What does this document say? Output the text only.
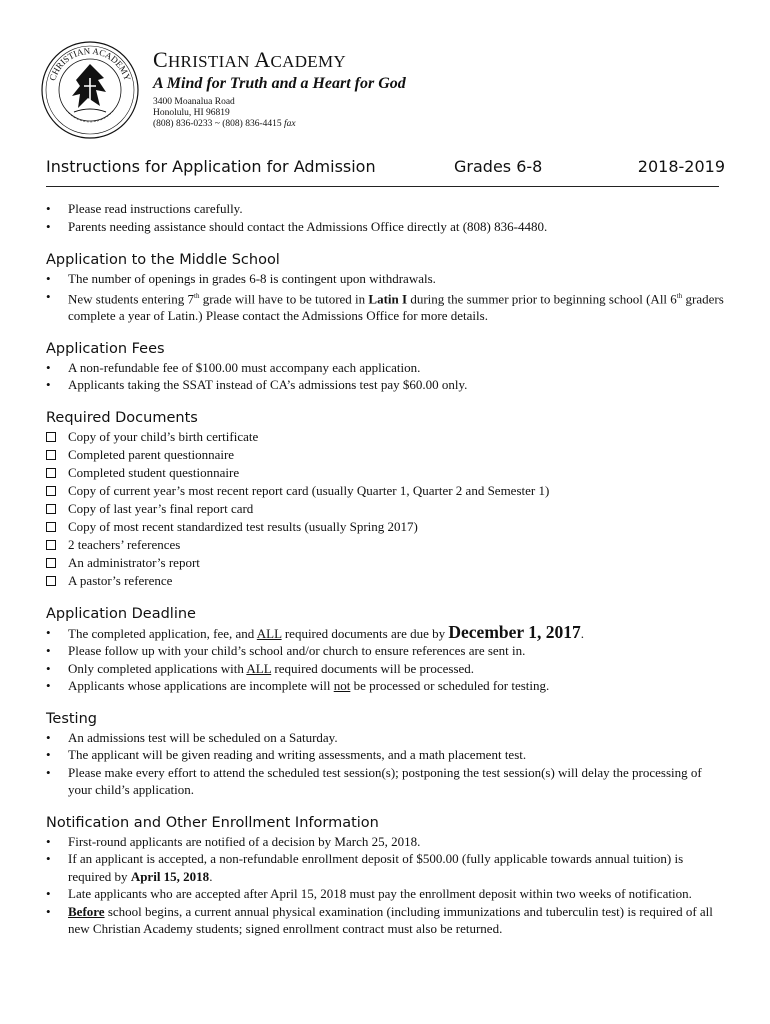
CHRISTIAN ACADEMY
CHRISTIAN ACADEMY
A Mind for Truth and a Heart for God
3400 Moanalua Road
Honolulu, HI 96819
(808) 836-0233 ~ (808) 836-4415 fax
Instructions for Application for Admission	Grades 6-8	2018-2019
• Please read instructions carefully.
• Parents needing assistance should contact the Admissions Office directly at (808) 836-4480.
Application to the Middle School
• The number of openings in grades 6-8 is contingent upon withdrawals.
• New students entering 7th grade will have to be tutored in Latin I during the summer prior to beginning school (All 6th graders complete a year of Latin.) Please contact the Admissions Office for more details.
Application Fees
• A non-refundable fee of $100.00 must accompany each application.
• Applicants taking the SSAT instead of CA’s admissions test pay $60.00 only.
Required Documents
Copy of your child’s birth certificate
Completed parent questionnaire
Completed student questionnaire
Copy of current year’s most recent report card (usually Quarter 1, Quarter 2 and Semester 1)
Copy of last year’s final report card
Copy of most recent standardized test results (usually Spring 2017)
2 teachers’ references
An administrator’s report
A pastor’s reference
Application Deadline
• The completed application, fee, and ALL required documents are due by December 1, 2017.
• Please follow up with your child’s school and/or church to ensure references are sent in.
• Only completed applications with ALL required documents will be processed.
• Applicants whose applications are incomplete will not be processed or scheduled for testing.
Testing
• An admissions test will be scheduled on a Saturday.
• The applicant will be given reading and writing assessments, and a math placement test.
• Please make every effort to attend the scheduled test session(s); postponing the test session(s) will delay the processing of your child’s application.
Notification and Other Enrollment Information
• First-round applicants are notified of a decision by March 25, 2018.
• If an applicant is accepted, a non-refundable enrollment deposit of $500.00 (fully applicable towards annual tuition) is required by April 15, 2018.
• Late applicants who are accepted after April 15, 2018 must pay the enrollment deposit within two weeks of notification.
• Before school begins, a current annual physical examination (including immunizations and tuberculin test) is required of all new Christian Academy students; signed enrollment contract must also be returned.
